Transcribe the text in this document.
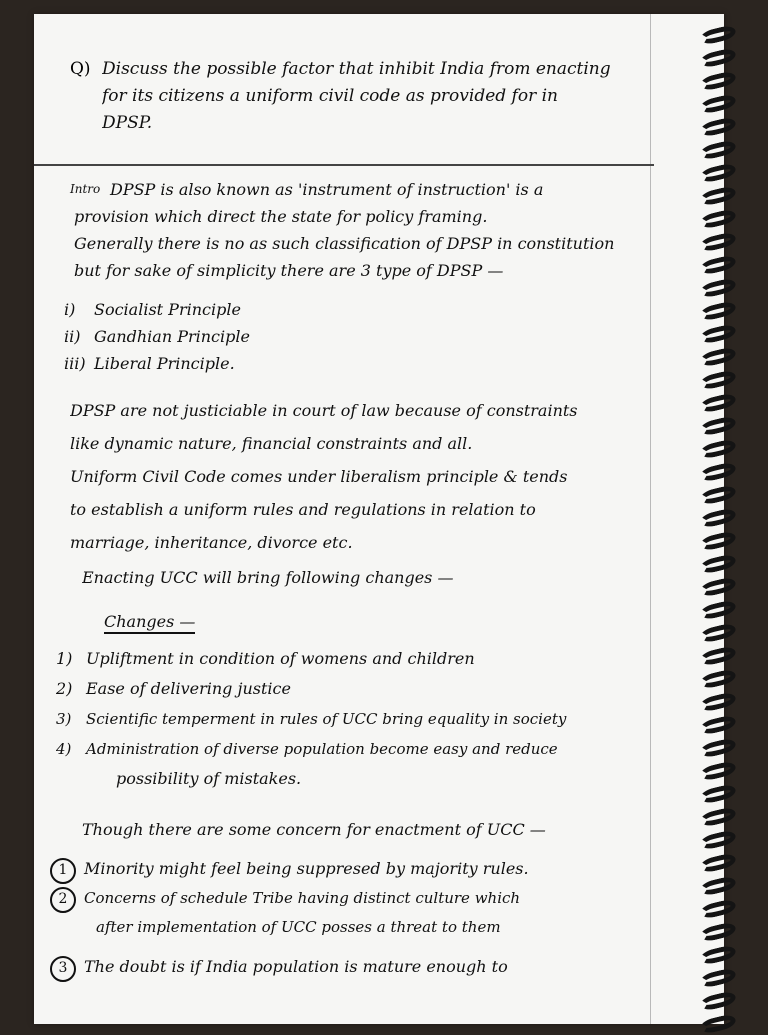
Q) Discuss the possible factor that inhibit India from enacting
for its citizens a uniform civil code as provided for in
DPSP.
Intro DPSP is also known as 'instrument of instruction' is a
provision which direct the state for policy framing.
Generally there is no as such classification of DPSP in constitution
but for sake of simplicity there are 3 type of DPSP —
i) Socialist Principle
ii) Gandhian Principle
iii) Liberal Principle.
DPSP are not justiciable in court of law because of constraints
like dynamic nature, financial constraints and all.
Uniform Civil Code comes under liberalism principle & tends
to establish a uniform rules and regulations in relation to
marriage, inheritance, divorce etc.
Enacting UCC will bring following changes —
Changes —
1) Upliftment in condition of womens and children
2) Ease of delivering justice
3) Scientific temperment in rules of UCC bring equality in society
4) Administration of diverse population become easy and reduce
possibility of mistakes.
Though there are some concern for enactment of UCC —
1 Minority might feel being suppresed by majority rules.
2 Concerns of schedule Tribe having distinct culture which
after implementation of UCC posses a threat to them
3 The doubt is if India population is mature enough to
